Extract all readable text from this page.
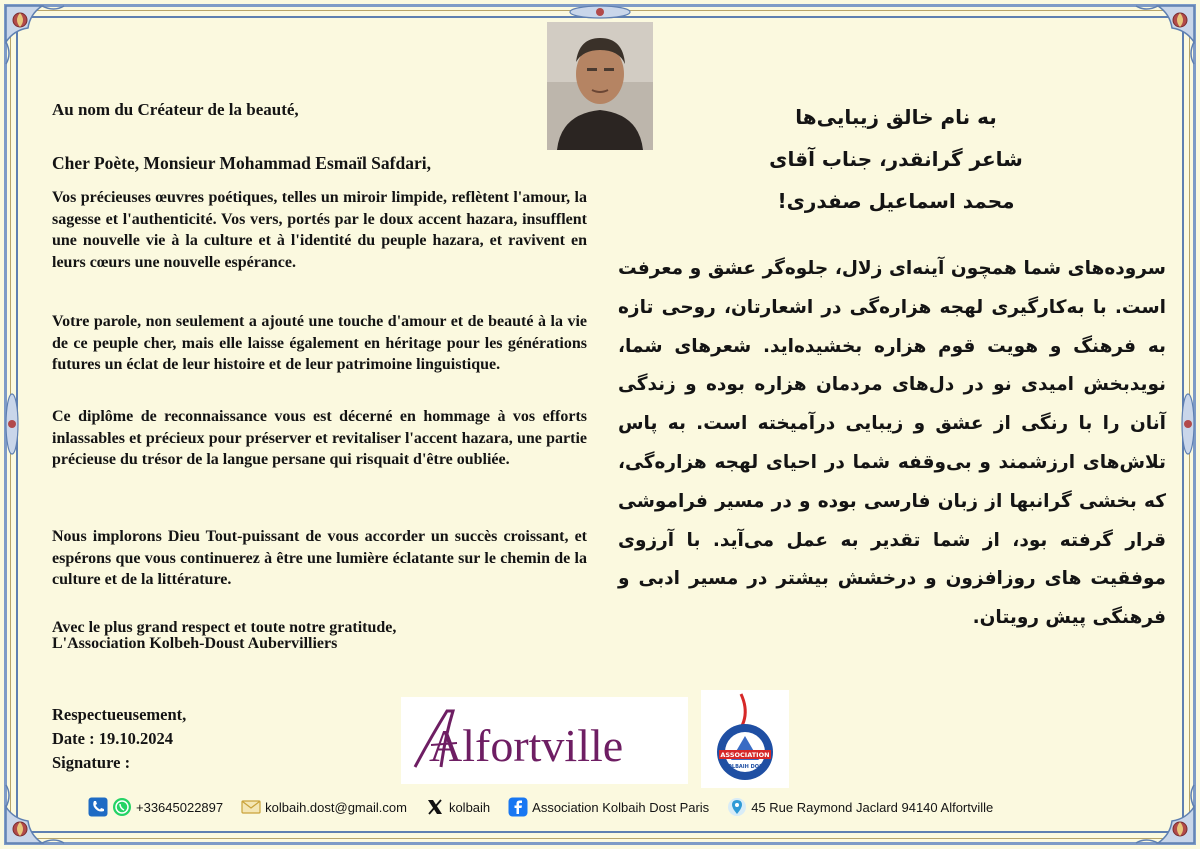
Au nom du Créateur de la beauté,
Cher Poète, Monsieur Mohammad Esmaïl Safdari,

Vos précieuses œuvres poétiques, telles un miroir limpide, reflètent l'amour, la sagesse et l'authenticité. Vos vers, portés par le doux accent hazara, insufflent une nouvelle vie à la culture et à l'identité du peuple hazara, et ravivent en leurs cœurs une nouvelle espérance.

Votre parole, non seulement a ajouté une touche d'amour et de beauté à la vie de ce peuple cher, mais elle laisse également en héritage pour les générations futures un éclat de leur histoire et de leur patrimoine linguistique.

Ce diplôme de reconnaissance vous est décerné en hommage à vos efforts inlassables et précieux pour préserver et revitaliser l'accent hazara, une partie précieuse du trésor de la langue persane qui risquait d'être oubliée.

Nous implorons Dieu Tout-puissant de vous accorder un succès croissant, et espérons que vous continuerez à être une lumière éclatante sur le chemin de la culture et de la littérature.

Avec le plus grand respect et toute notre gratitude,
L'Association Kolbeh-Doust Aubervilliers
Respectueusement,
Date : 19.10.2024
Signature :
به نام خالق زیبایی‌ها
شاعر گرانقدر، جناب آقای
محمد اسماعیل صفدری!
سروده‌های شما همچون آینه‌ای زلال، جلوه‌گر عشق و معرفت است. با به‌کارگیری لهجه هزاره‌گی در اشعارتان، روحی تازه به فرهنگ و هویت قوم هزاره بخشیده‌اید. شعرهای شما، نویدبخش امیدی نو در دل‌های مردمان هزاره بوده و زندگی آنان را با رنگی از عشق و زیبایی درآمیخته است. به پاس تلاش‌های ارزشمند و بی‌وقفه شما در احیای لهجه هزاره‌گی، که بخشی گرانبها از زبان فارسی بوده و در مسیر فراموشی قرار گرفته بود، از شما تقدیر به عمل می‌آید. با آرزوی موفقیت های روزافزون و درخشش بیشتر در مسیر ادبی و فرهنگی پیش رویتان.
Alfortville	ASSOCIATION
KOLBAIH DOST
+33645022897	kolbaih.dost@gmail.com	kolbaih	Association Kolbaih Dost Paris	45 Rue Raymond Jaclard 94140 Alfortville
